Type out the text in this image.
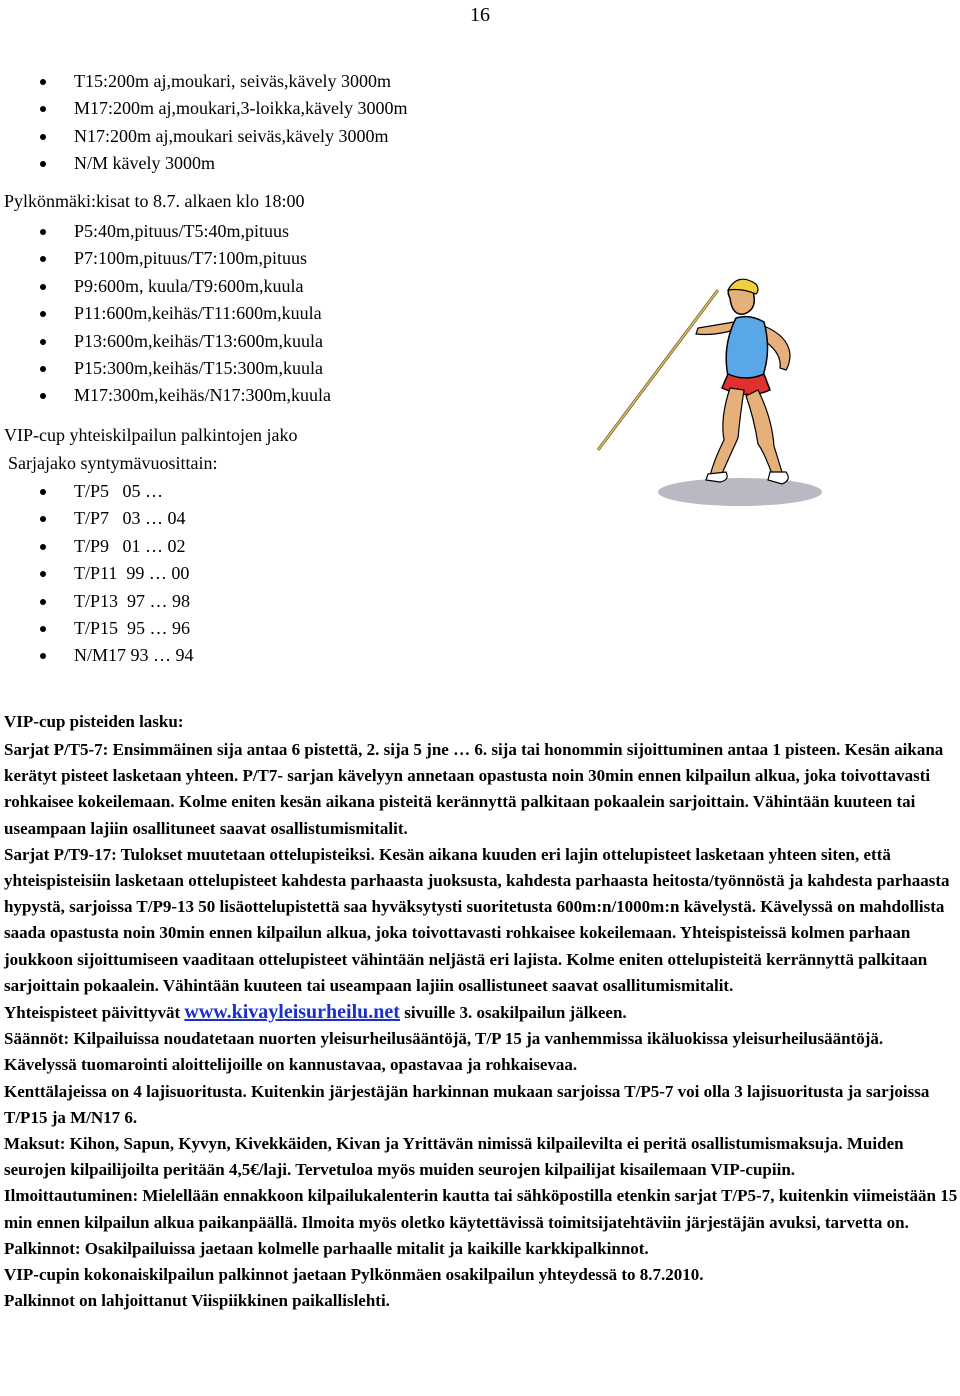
16
T15:200m aj,moukari, seiväs,kävely 3000m
M17:200m aj,moukari,3-loikka,kävely 3000m
N17:200m aj,moukari seiväs,kävely 3000m
N/M kävely 3000m
Pylkönmäki:kisat to 8.7. alkaen klo 18:00
P5:40m,pituus/T5:40m,pituus
P7:100m,pituus/T7:100m,pituus
P9:600m, kuula/T9:600m,kuula
P11:600m,keihäs/T11:600m,kuula
P13:600m,keihäs/T13:600m,kuula
P15:300m,keihäs/T15:300m,kuula
M17:300m,keihäs/N17:300m,kuula
VIP-cup yhteiskilpailun palkintojen jako
Sarjajako syntymävuosittain:
T/P5   05 …
T/P7   03 … 04
T/P9   01 … 02
T/P11  99 … 00
T/P13  97 … 98
T/P15  95 … 96
N/M17 93 … 94
VIP-cup pisteiden lasku:
Sarjat P/T5-7: Ensimmäinen sija antaa 6 pistettä, 2. sija 5 jne … 6. sija tai honommin sijoittuminen antaa 1 pisteen. Kesän aikana kerätyt pisteet lasketaan yhteen. P/T7- sarjan kävelyyn annetaan opastusta noin 30min ennen kilpailun alkua, joka toivottavasti rohkaisee kokeilemaan. Kolme eniten kesän aikana pisteitä kerännyttä palkitaan pokaalein sarjoittain. Vähintään kuuteen tai useampaan lajiin osallituneet saavat osallistumismitalit.
Sarjat P/T9-17: Tulokset muutetaan ottelupisteiksi. Kesän aikana kuuden eri lajin ottelupisteet lasketaan yhteen siten, että yhteispisteisiin lasketaan ottelupisteet kahdesta parhaasta juoksusta, kahdesta parhaasta heitosta/työnnöstä ja kahdesta parhaasta hypystä, sarjoissa T/P9-13 50 lisäottelupistettä saa hyväksytysti suoritetusta 600m:n/1000m:n kävelystä. Kävelyssä on mahdollista saada opastusta noin 30min ennen kilpailun alkua, joka toivottavasti rohkaisee kokeilemaan. Yhteispisteissä kolmen parhaan joukkoon sijoittumiseen vaaditaan ottelupisteet vähintään neljästä eri lajista. Kolme eniten ottelupisteitä kerrännyttä palkitaan sarjoittain pokaalein. Vähintään kuuteen tai useampaan lajiin osallistuneet saavat osallitumismitalit.
Yhteispisteet päivittyvät www.kivayleisurheilu.net sivuille 3. osakilpailun jälkeen.
Säännöt: Kilpailuissa noudatetaan nuorten yleisurheilusääntöjä, T/P 15 ja vanhemmissa ikäluokissa yleisurheilusääntöjä. Kävelyssä tuomarointi aloittelijoille on kannustavaa, opastavaa ja rohkaisevaa.
Kenttälajeissa on 4 lajisuoritusta. Kuitenkin järjestäjän harkinnan mukaan sarjoissa T/P5-7 voi olla 3 lajisuoritusta ja sarjoissa T/P15 ja M/N17 6.
Maksut: Kihon, Sapun, Kyvyn, Kivekkäiden, Kivan ja Yrittävän nimissä kilpailevilta ei peritä osallistumismaksuja. Muiden seurojen kilpailijoilta peritään 4,5€/laji. Tervetuloa myös muiden seurojen kilpailijat kisailemaan VIP-cupiin.
Ilmoittautuminen: Mielellään ennakkoon kilpailukalenterin kautta tai sähköpostilla etenkin sarjat T/P5-7, kuitenkin viimeistään 15 min ennen kilpailun alkua paikanpäällä. Ilmoita myös oletko käytettävissä toimitsijatehtäviin järjestäjän avuksi, tarvetta on.
Palkinnot: Osakilpailuissa jaetaan kolmelle parhaalle mitalit ja kaikille karkkipalkinnot.
VIP-cupin kokonaiskilpailun palkinnot jaetaan Pylkönmäen osakilpailun yhteydessä to 8.7.2010.
Palkinnot on lahjoittanut Viispiikkinen paikallislehti.
